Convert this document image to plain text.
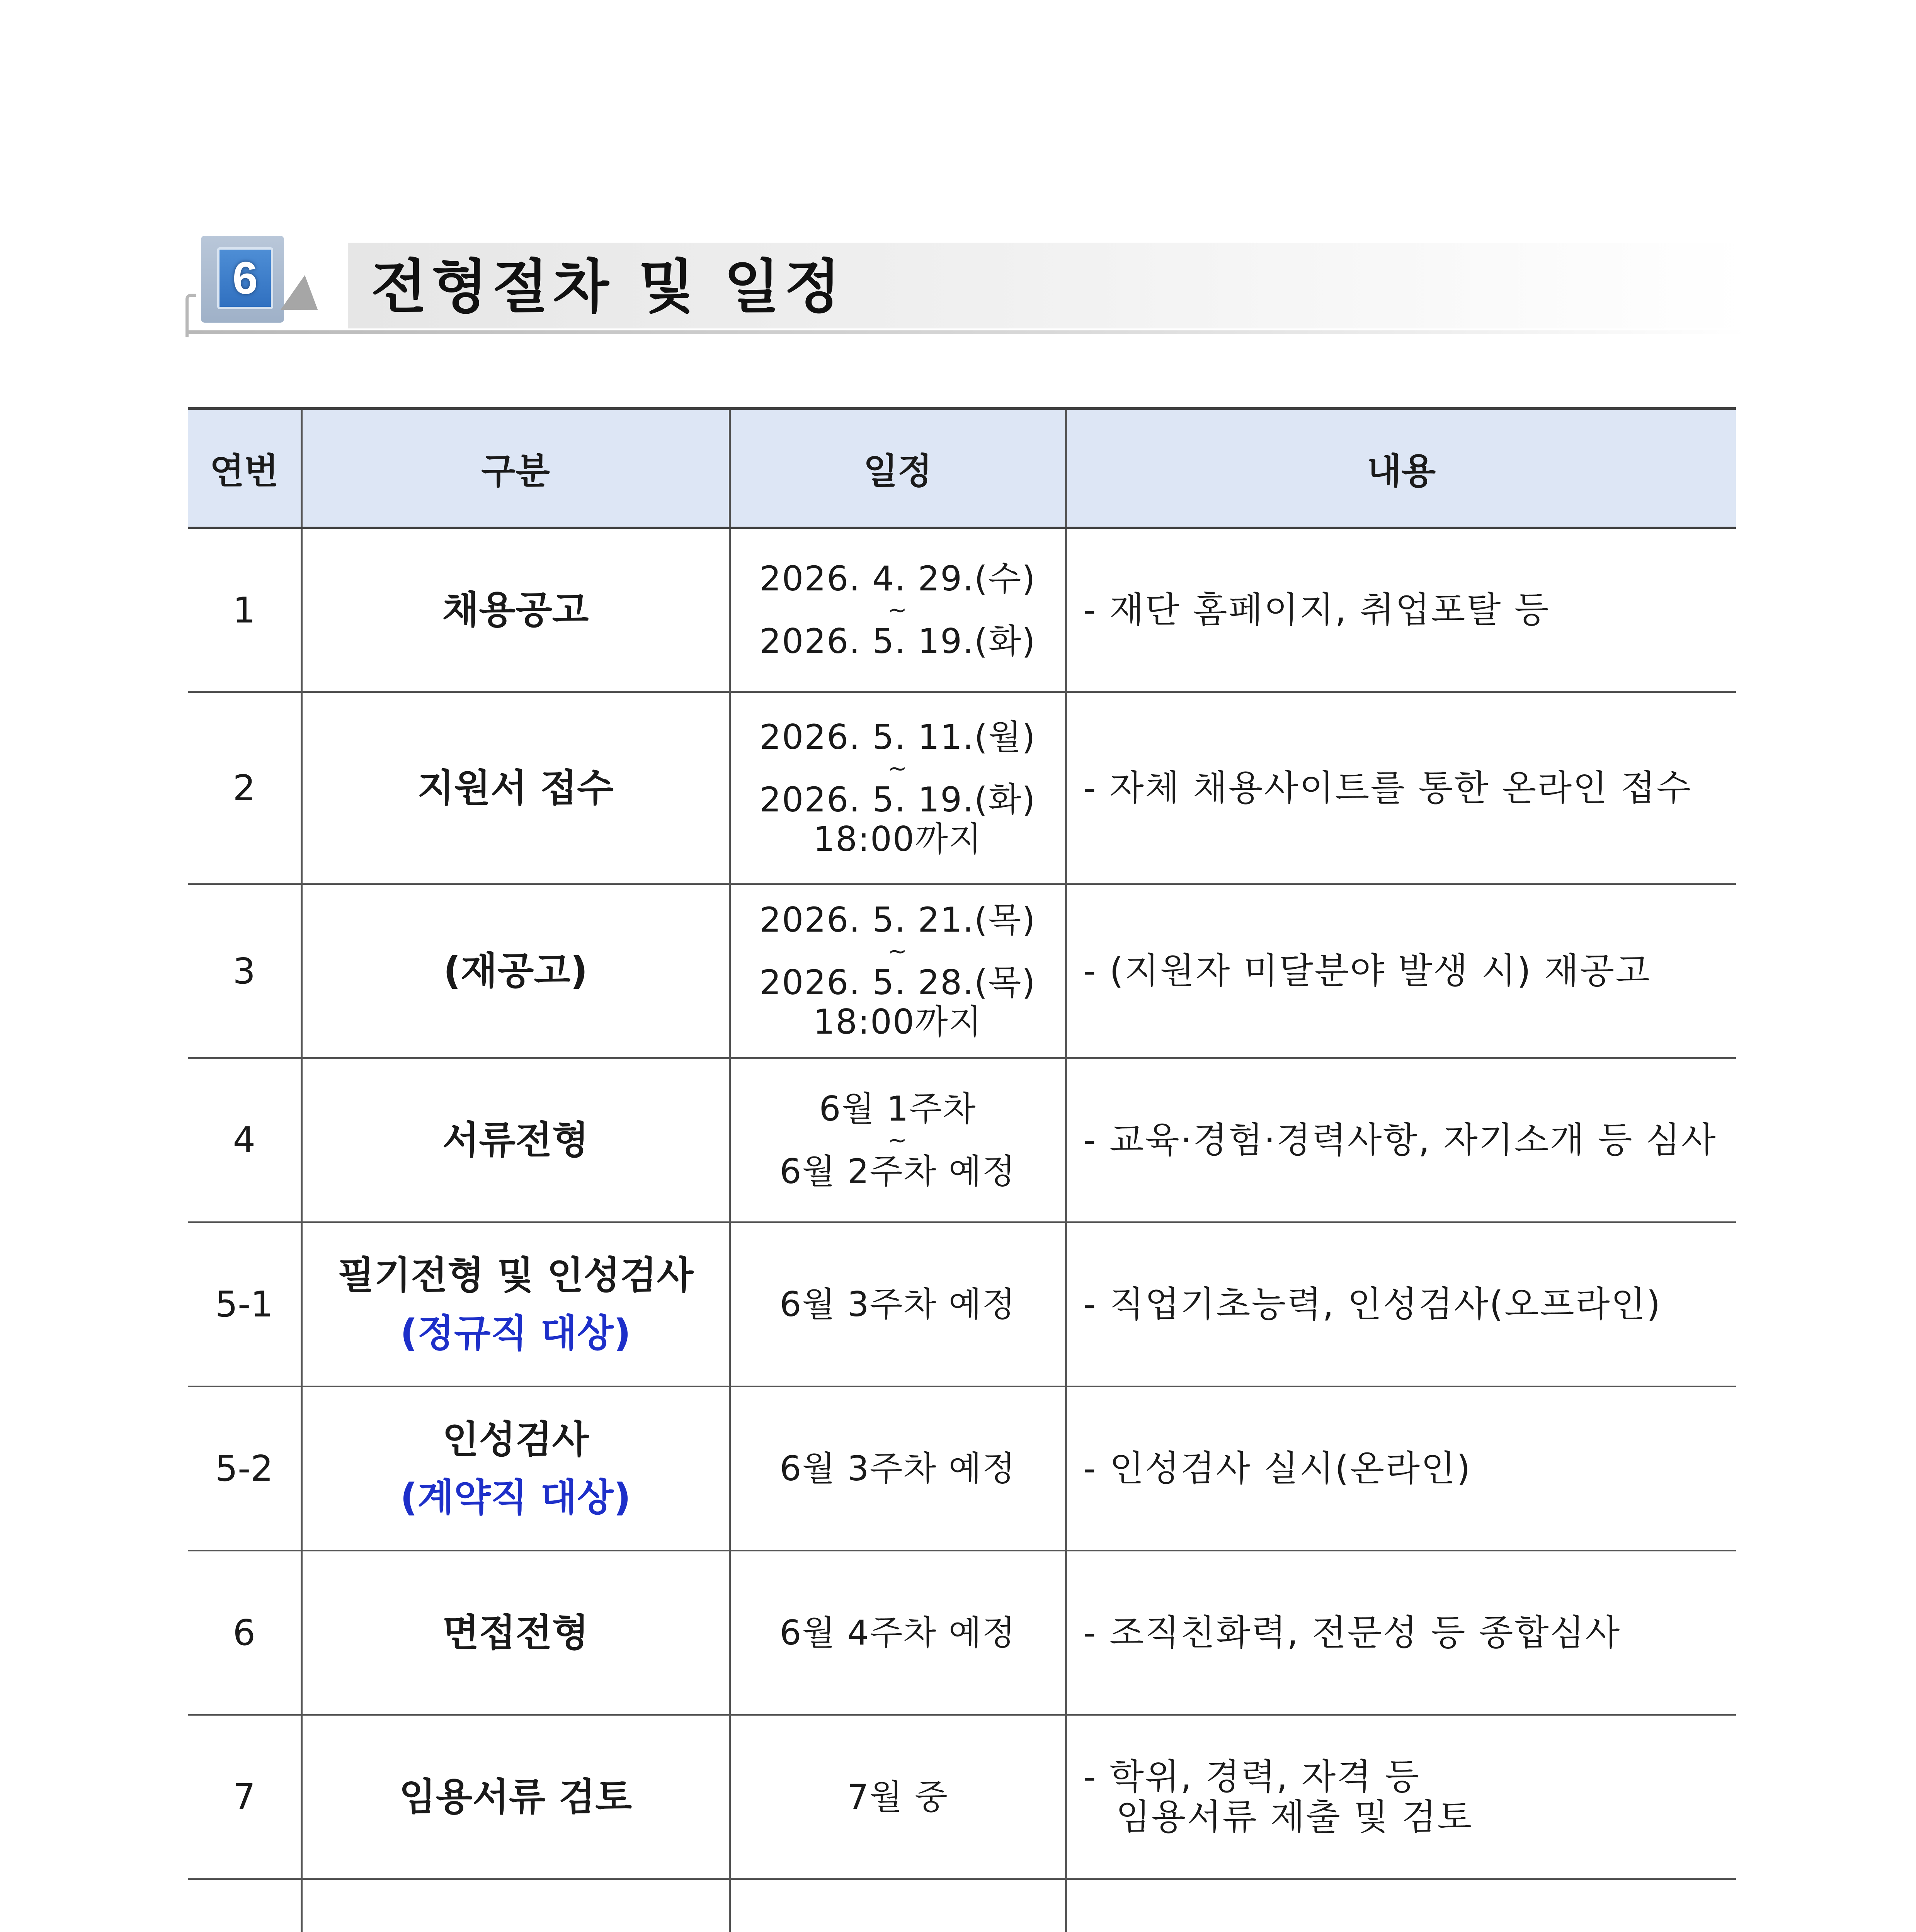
6 전형절차 및 일정
연번	구분	일정	내용
1	채용공고	2026. 4. 29.(수)
~
2026. 5. 19.(화)	- 재단 홈페이지, 취업포탈 등

2	지원서 접수	2026. 5. 11.(월)
~
2026. 5. 19.(화)
18:00까지	- 자체 채용사이트를 통한 온라인 접수

3	(재공고)	2026. 5. 21.(목)
~
2026. 5. 28.(목)
18:00까지	- (지원자 미달분야 발생 시) 재공고

4	서류전형	6월 1주차
~
6월 2주차 예정	- 교육·경험·경력사항, 자기소개 등 심사

5-1	필기전형 및 인성검사
(정규직 대상)	6월 3주차 예정	- 직업기초능력, 인성검사(오프라인)

5-2	인성검사
(계약직 대상)	6월 3주차 예정	- 인성검사 실시(온라인)

6	면접전형	6월 4주차 예정	- 조직친화력, 전문성 등 종합심사

7	임용서류 검토	7월 중	- 학위, 경력, 자격 등
임용서류 제출 및 검토
